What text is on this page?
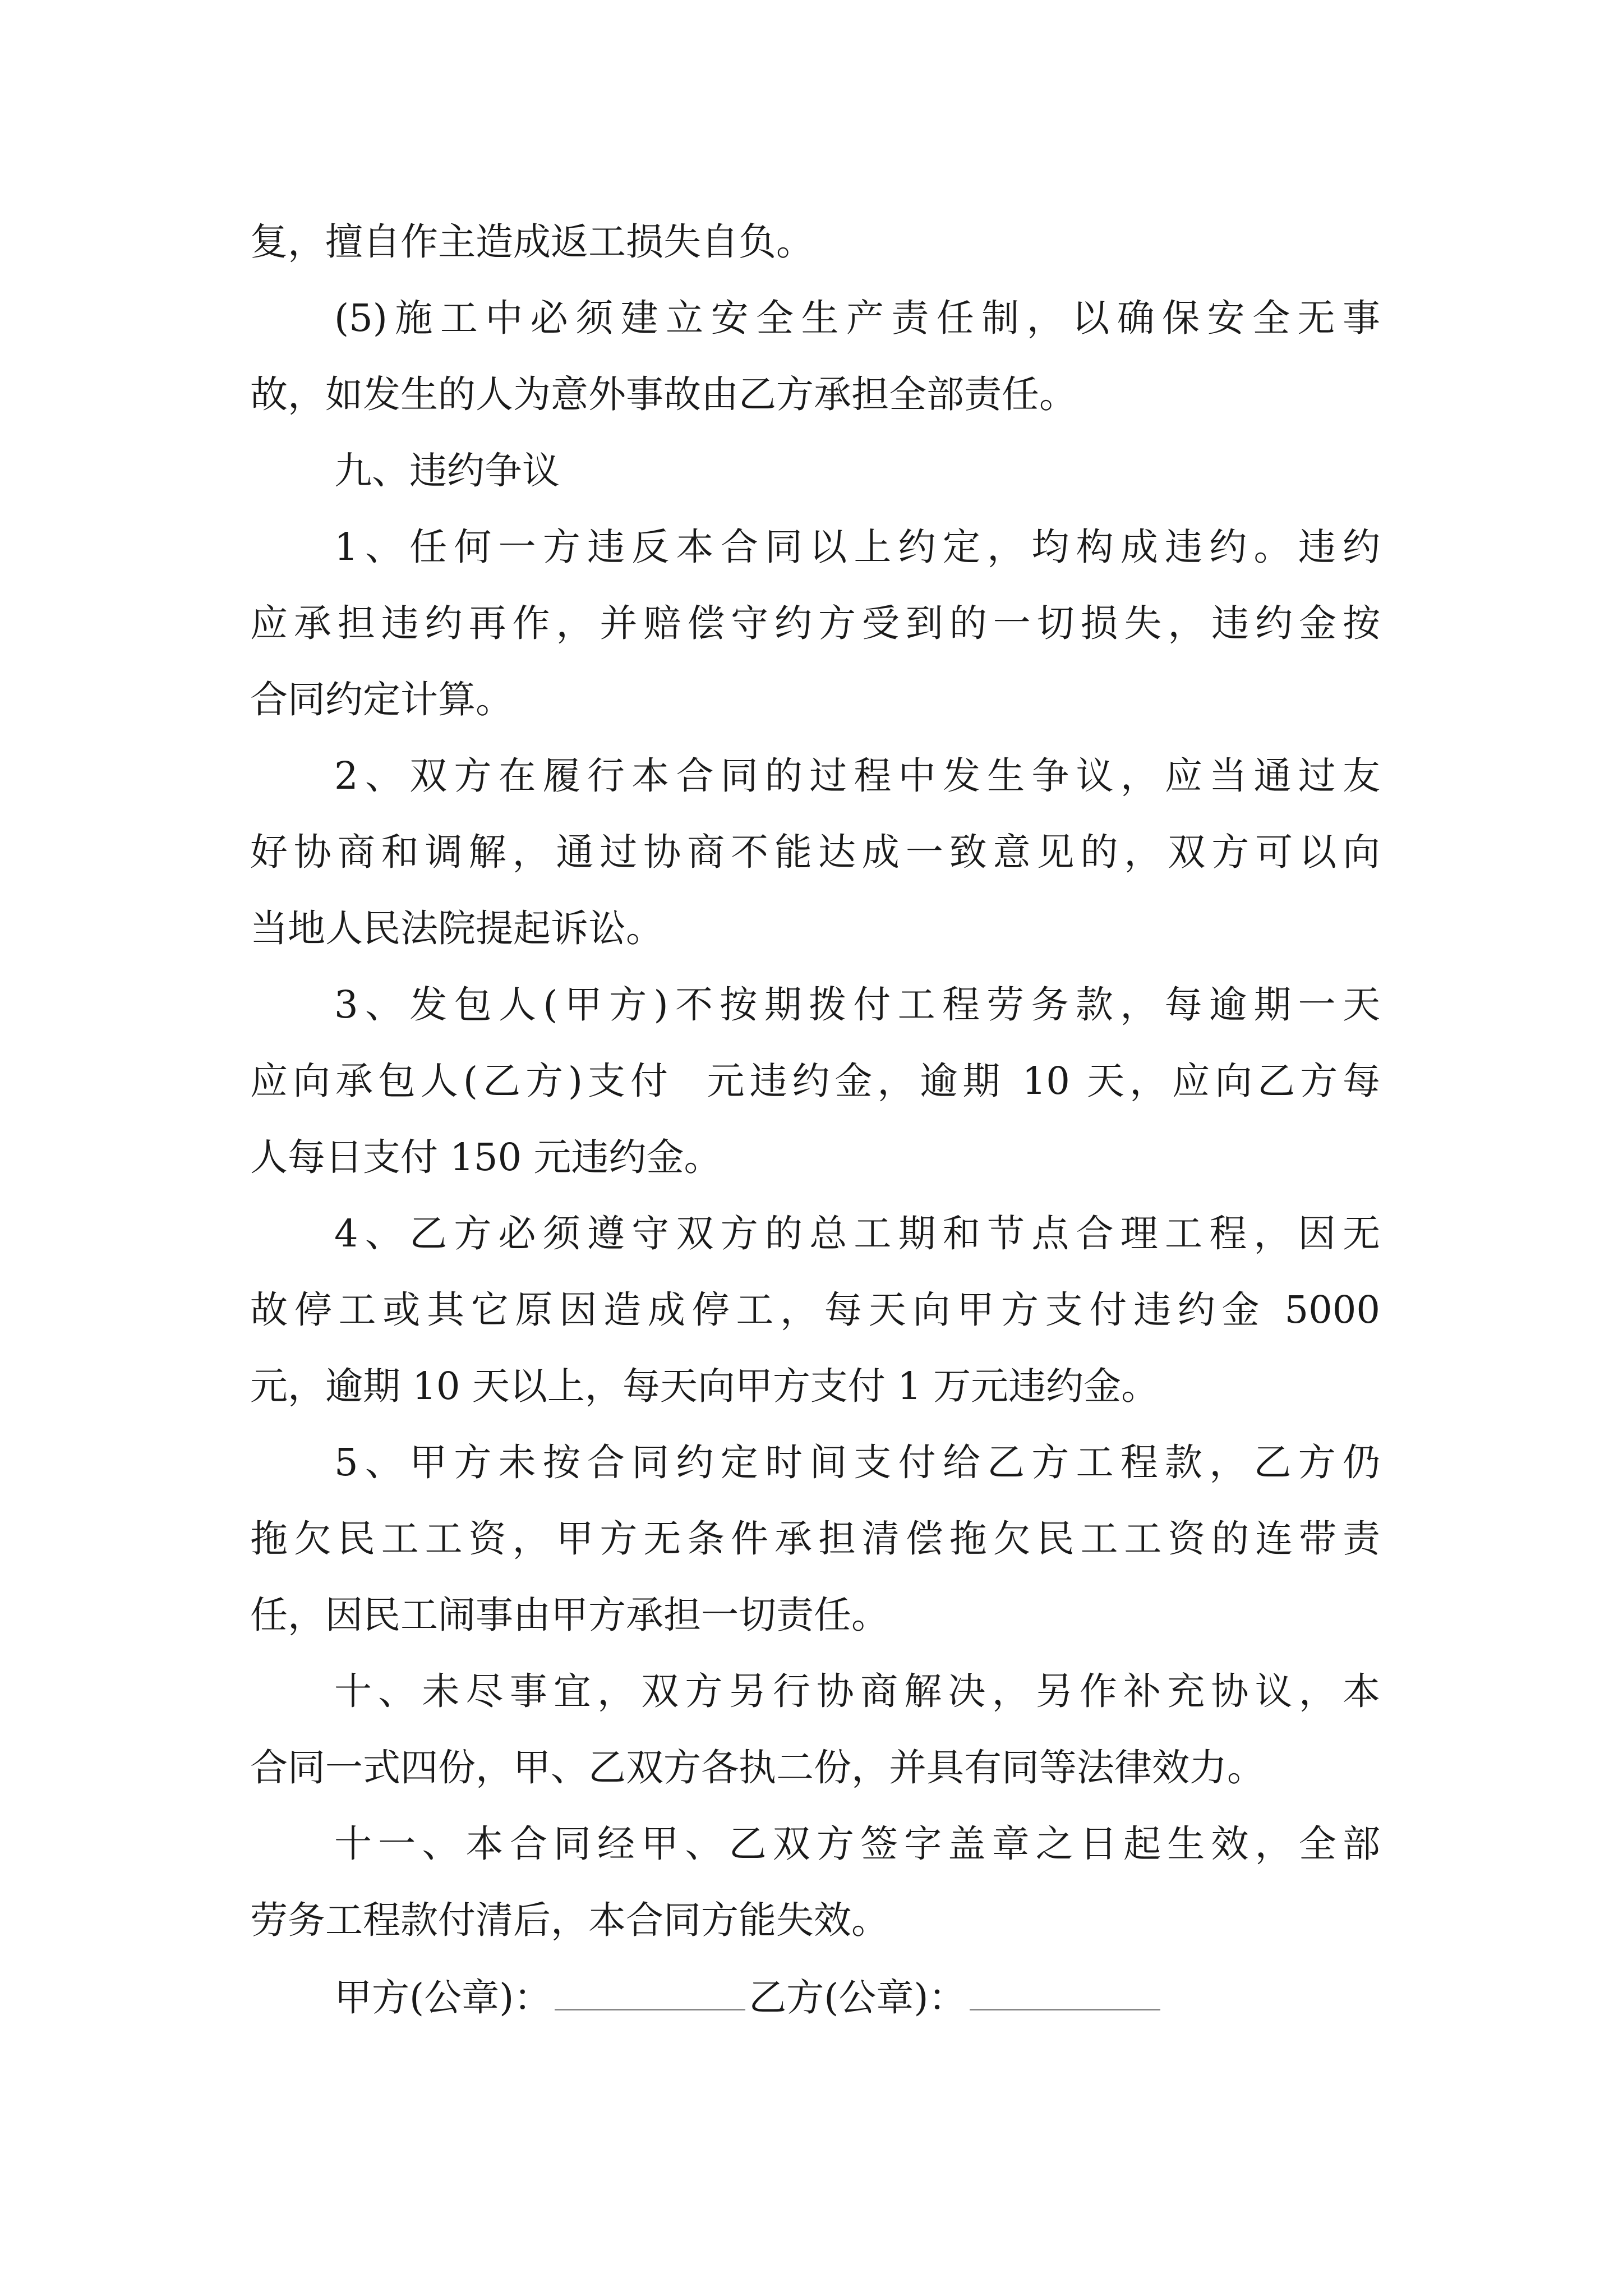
复，擅自作主造成返工损失自负。
(5)施工中必须建立安全生产责任制，以确保安全无事
故，如发生的人为意外事故由乙方承担全部责任。
九、违约争议
1、任何一方违反本合同以上约定，均构成违约。违约
应承担违约再作，并赔偿守约方受到的一切损失，违约金按
合同约定计算。
2、双方在履行本合同的过程中发生争议，应当通过友
好协商和调解，通过协商不能达成一致意见的，双方可以向
当地人民法院提起诉讼。
3、发包人(甲方)不按期拨付工程劳务款，每逾期一天
应向承包人(乙方)支付  元违约金，逾期 10 天，应向乙方每
人每日支付 150 元违约金。
4、乙方必须遵守双方的总工期和节点合理工程，因无
故停工或其它原因造成停工，每天向甲方支付违约金 5000
元，逾期 10 天以上，每天向甲方支付 1 万元违约金。
5、甲方未按合同约定时间支付给乙方工程款，乙方仍
拖欠民工工资，甲方无条件承担清偿拖欠民工工资的连带责
任，因民工闹事由甲方承担一切责任。
十、未尽事宜，双方另行协商解决，另作补充协议，本
合同一式四份，甲、乙双方各执二份，并具有同等法律效力。
十一、本合同经甲、乙双方签字盖章之日起生效，全部
劳务工程款付清后，本合同方能失效。
甲方(公章)：	乙方(公章)：
